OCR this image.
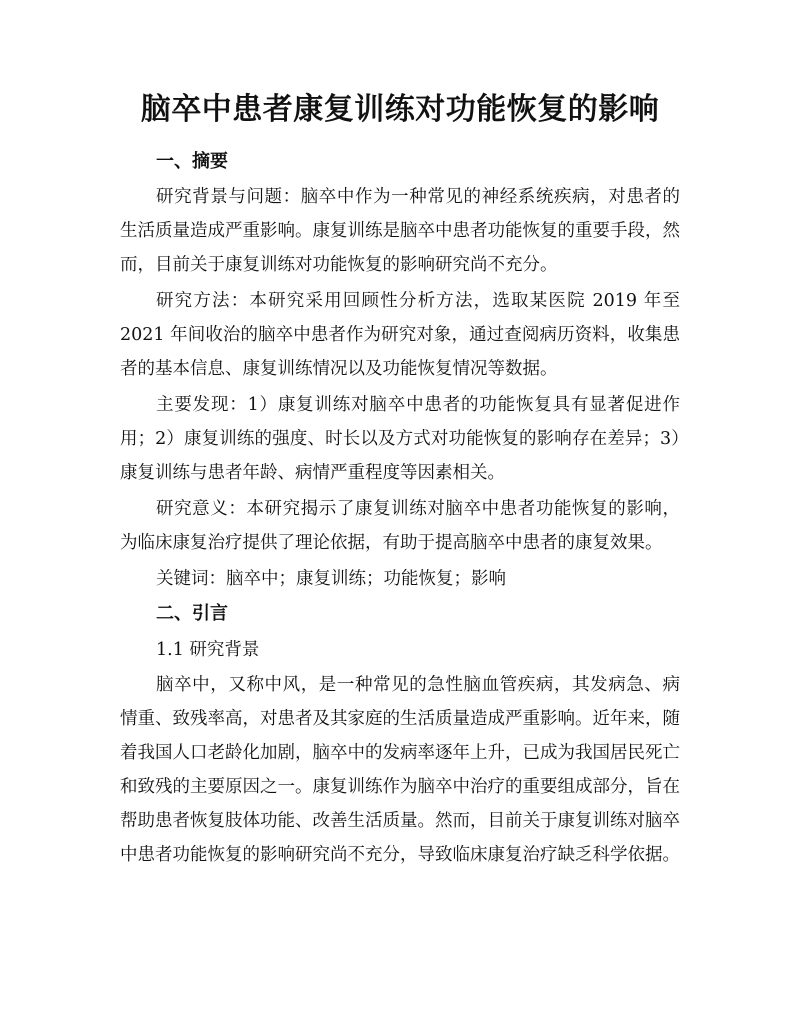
脑卒中患者康复训练对功能恢复的影响
一、摘要

研究背景与问题：脑卒中作为一种常见的神经系统疾病，对患者的生活质量造成严重影响。康复训练是脑卒中患者功能恢复的重要手段，然而，目前关于康复训练对功能恢复的影响研究尚不充分。

研究方法：本研究采用回顾性分析方法，选取某医院 2019 年至 2021 年间收治的脑卒中患者作为研究对象，通过查阅病历资料，收集患者的基本信息、康复训练情况以及功能恢复情况等数据。

主要发现：1）康复训练对脑卒中患者的功能恢复具有显著促进作用；2）康复训练的强度、时长以及方式对功能恢复的影响存在差异；3）康复训练与患者年龄、病情严重程度等因素相关。

研究意义：本研究揭示了康复训练对脑卒中患者功能恢复的影响，为临床康复治疗提供了理论依据，有助于提高脑卒中患者的康复效果。

关键词：脑卒中；康复训练；功能恢复；影响

二、引言
1.1 研究背景

脑卒中，又称中风，是一种常见的急性脑血管疾病，其发病急、病情重、致残率高，对患者及其家庭的生活质量造成严重影响。近年来，随着我国人口老龄化加剧，脑卒中的发病率逐年上升，已成为我国居民死亡和致残的主要原因之一。康复训练作为脑卒中治疗的重要组成部分，旨在帮助患者恢复肢体功能、改善生活质量。然而，目前关于康复训练对脑卒中患者功能恢复的影响研究尚不充分，导致临床康复治疗缺乏科学依据。
